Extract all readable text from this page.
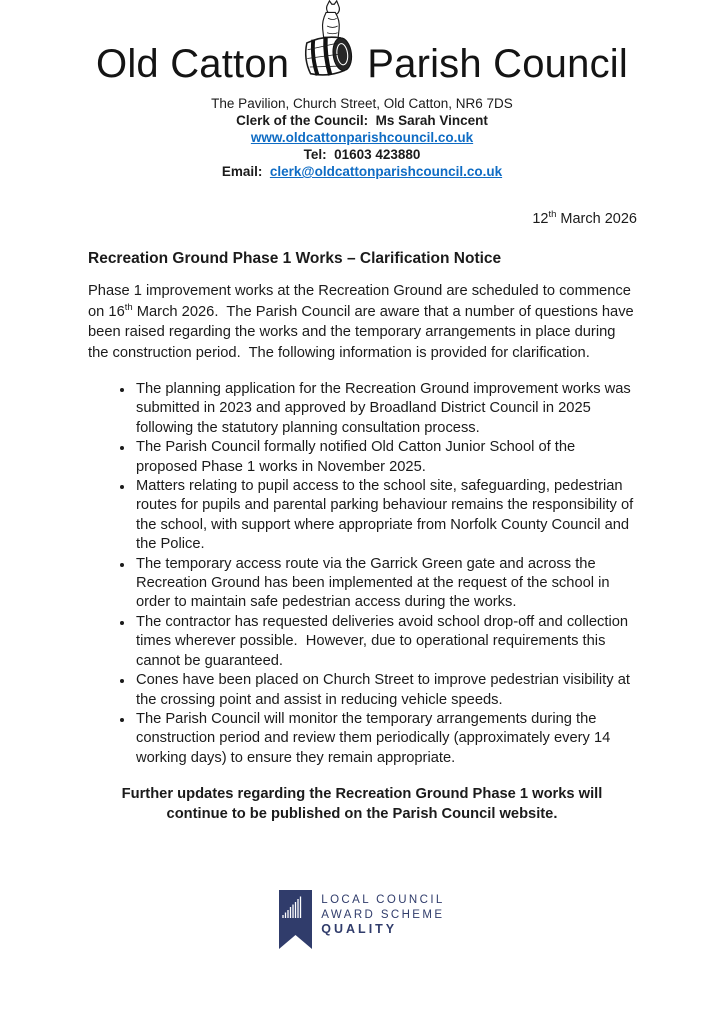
Old Catton Parish Council
The Pavilion, Church Street, Old Catton, NR6 7DS
Clerk of the Council:  Ms Sarah Vincent
www.oldcattonparishcouncil.co.uk
Tel:  01603 423880
Email:  clerk@oldcattonparishcouncil.co.uk
12th March 2026
Recreation Ground Phase 1 Works – Clarification Notice
Phase 1 improvement works at the Recreation Ground are scheduled to commence on 16th March 2026.  The Parish Council are aware that a number of questions have been raised regarding the works and the temporary arrangements in place during the construction period.  The following information is provided for clarification.
• The planning application for the Recreation Ground improvement works was submitted in 2023 and approved by Broadland District Council in 2025 following the statutory planning consultation process.
• The Parish Council formally notified Old Catton Junior School of the proposed Phase 1 works in November 2025.
• Matters relating to pupil access to the school site, safeguarding, pedestrian routes for pupils and parental parking behaviour remains the responsibility of the school, with support where appropriate from Norfolk County Council and the Police.
• The temporary access route via the Garrick Green gate and across the Recreation Ground has been implemented at the request of the school in order to maintain safe pedestrian access during the works.
• The contractor has requested deliveries avoid school drop-off and collection times wherever possible.  However, due to operational requirements this cannot be guaranteed.
• Cones have been placed on Church Street to improve pedestrian visibility at the crossing point and assist in reducing vehicle speeds.
• The Parish Council will monitor the temporary arrangements during the construction period and review them periodically (approximately every 14 working days) to ensure they remain appropriate.
Further updates regarding the Recreation Ground Phase 1 works will continue to be published on the Parish Council website.
LOCAL COUNCIL
AWARD SCHEME
QUALITY
